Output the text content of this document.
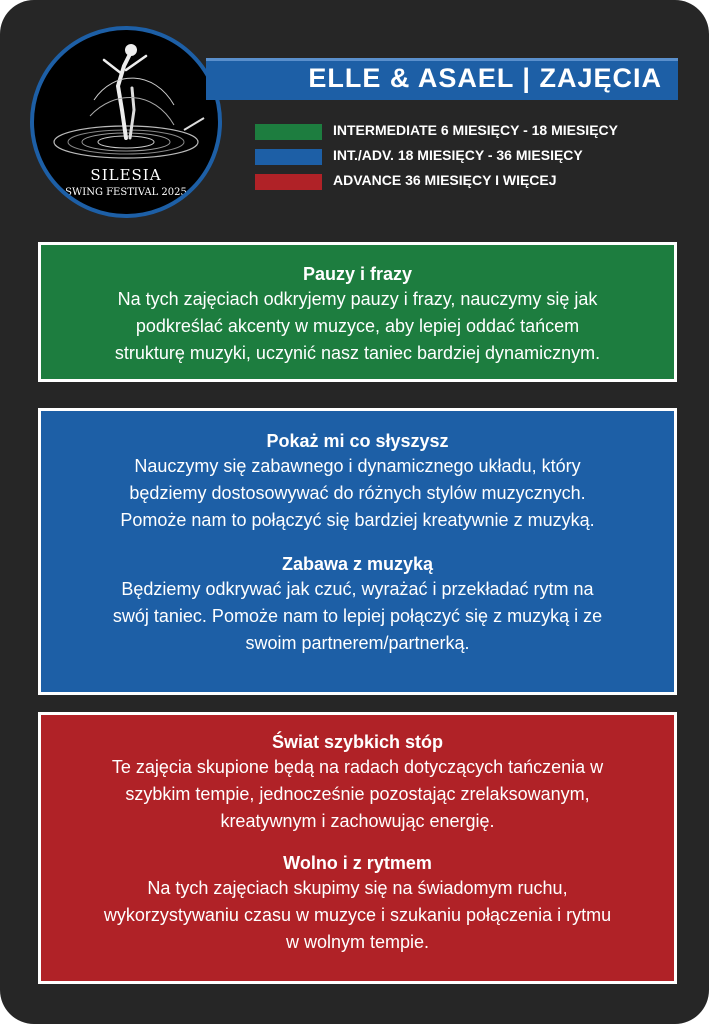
SILESIA
SWING FESTIVAL 2025
ELLE & ASAEL | ZAJĘCIA
INTERMEDIATE 6 MIESIĘCY - 18 MIESIĘCY
INT./ADV. 18 MIESIĘCY - 36 MIESIĘCY
ADVANCE 36 MIESIĘCY I WIĘCEJ
Pauzy i frazy

Na tych zajęciach odkryjemy pauzy i frazy, nauczymy się jak
podkreślać akcenty w muzyce, aby lepiej oddać tańcem
strukturę muzyki, uczynić nasz taniec bardziej dynamicznym.

Pokaż mi co słyszysz

Nauczymy się zabawnego i dynamicznego układu, który
będziemy dostosowywać do różnych stylów muzycznych.
Pomoże nam to połączyć się bardziej kreatywnie z muzyką.

Zabawa z muzyką

Będziemy odkrywać jak czuć, wyrażać i przekładać rytm na
swój taniec. Pomoże nam to lepiej połączyć się z muzyką i ze
swoim partnerem/partnerką.

Świat szybkich stóp

Te zajęcia skupione będą na radach dotyczących tańczenia w
szybkim tempie, jednocześnie pozostając zrelaksowanym,
kreatywnym i zachowując energię.

Wolno i z rytmem

Na tych zajęciach skupimy się na świadomym ruchu,
wykorzystywaniu czasu w muzyce i szukaniu połączenia i rytmu
w wolnym tempie.
